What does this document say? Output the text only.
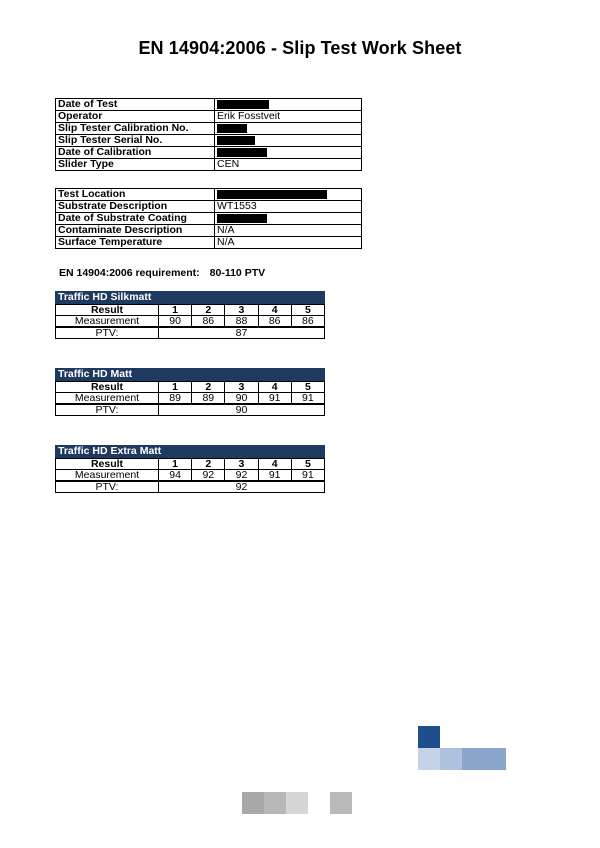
EN 14904:2006 - Slip Test Work Sheet
Date of Test	
Operator	Erik Fosstveit
Slip Tester Calibration No.	
Slip Tester Serial No.	
Date of Calibration	
Slider Type	CEN
Test Location	
Substrate Description	WT1553
Date of Substrate Coating	
Contaminate Description	N/A
Surface Temperature	N/A
EN 14904:2006 requirement: 80-110 PTV
Traffic HD Silkmatt
Result	1	2	3	4	5
Measurement	90	86	88	86	86
PTV:	87
Traffic HD Matt
Result	1	2	3	4	5
Measurement	89	89	90	91	91
PTV:	90
Traffic HD Extra Matt
Result	1	2	3	4	5
Measurement	94	92	92	91	91
PTV:	92
